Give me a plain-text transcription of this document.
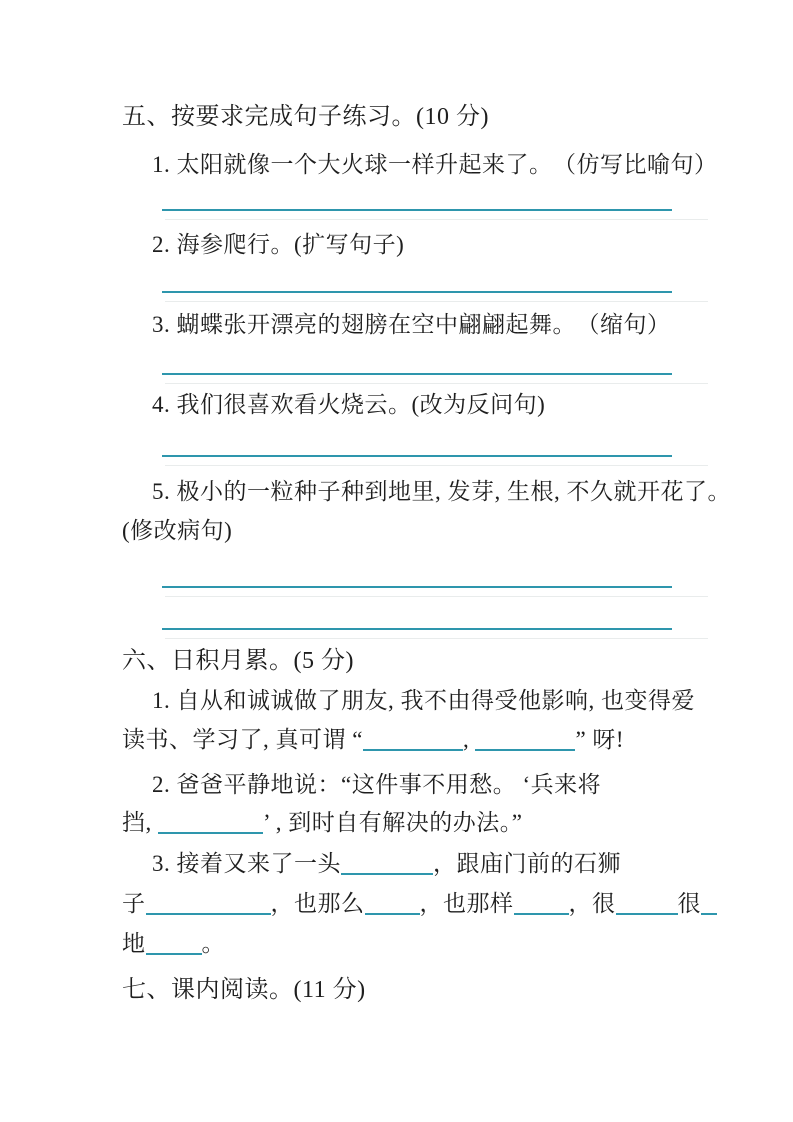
五、按要求完成句子练习。(10 分)
1. 太阳就像一个大火球一样升起来了。　（仿写比喻句）
2. 海参爬行。(扩写句子)
3. 蝴蝶张开漂亮的翅膀在空中翩翩起舞。　（缩句）
4. 我们很喜欢看火烧云。(改为反问句)
5. 极小的一粒种子种到地里, 发芽, 生根, 不久就开花了。
(修改病句)
六、日积月累。(5 分)
1. 自从和诚诚做了朋友, 我不由得受他影响, 也变得爱
读书、学习了, 真可谓 “	,	” 呀!
2. 爸爸平静地说：“这件事不用愁。 ‘兵来将
挡,	’ , 到时自有解决的办法。”
3. 接着又来了一头	，跟庙门前的石狮
子	，也那么 ，也那样 ，很	很
地 。
七、课内阅读。(11 分)
